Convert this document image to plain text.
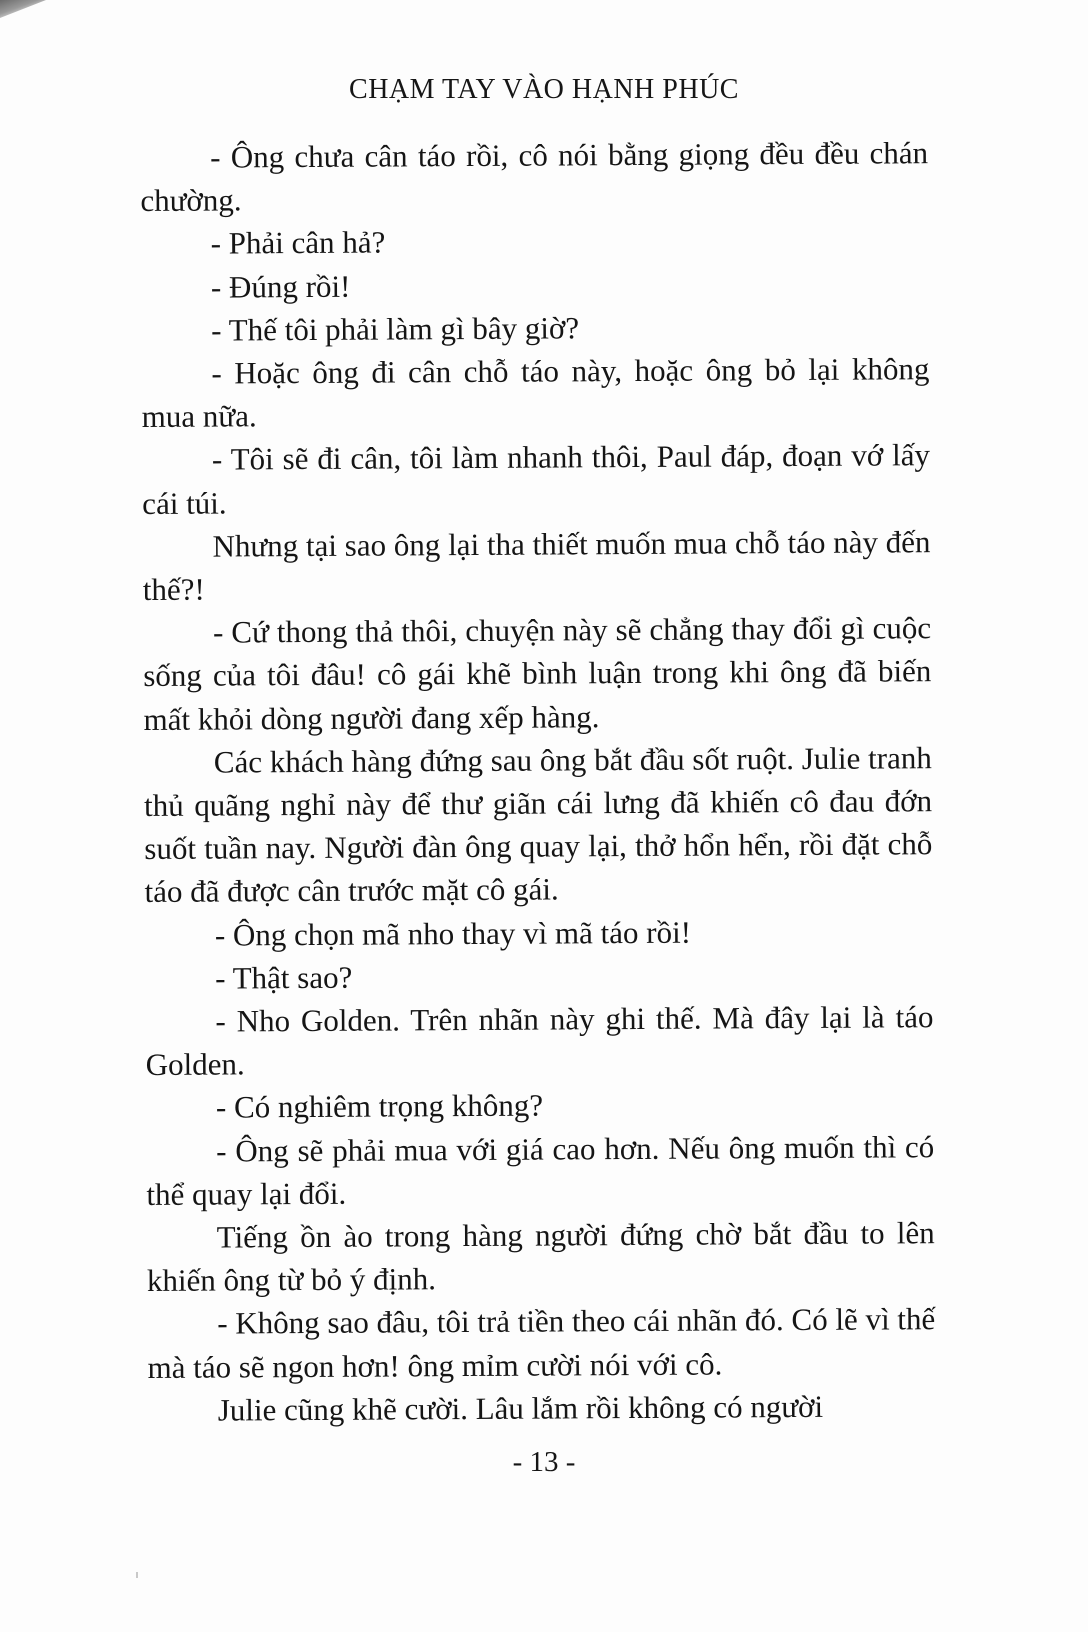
CHẠM TAY VÀO HẠNH PHÚC

- Ông chưa cân táo rồi, cô nói bằng giọng đều đều chán chường.

- Phải cân hả?

- Đúng rồi!

- Thế tôi phải làm gì bây giờ?

- Hoặc ông đi cân chỗ táo này, hoặc ông bỏ lại không mua nữa.

- Tôi sẽ đi cân, tôi làm nhanh thôi, Paul đáp, đoạn vớ lấy cái túi.

Nhưng tại sao ông lại tha thiết muốn mua chỗ táo này đến thế?!

- Cứ thong thả thôi, chuyện này sẽ chẳng thay đổi gì cuộc sống của tôi đâu! cô gái khẽ bình luận trong khi ông đã biến mất khỏi dòng người đang xếp hàng.

Các khách hàng đứng sau ông bắt đầu sốt ruột. Julie tranh thủ quãng nghỉ này để thư giãn cái lưng đã khiến cô đau đớn suốt tuần nay. Người đàn ông quay lại, thở hổn hển, rồi đặt chỗ táo đã được cân trước mặt cô gái.

- Ông chọn mã nho thay vì mã táo rồi!

- Thật sao?

- Nho Golden. Trên nhãn này ghi thế. Mà đây lại là táo Golden.

- Có nghiêm trọng không?

- Ông sẽ phải mua với giá cao hơn. Nếu ông muốn thì có thể quay lại đổi.

Tiếng ồn ào trong hàng người đứng chờ bắt đầu to lên khiến ông từ bỏ ý định.

- Không sao đâu, tôi trả tiền theo cái nhãn đó. Có lẽ vì thế mà táo sẽ ngon hơn! ông mỉm cười nói với cô.

Julie cũng khẽ cười. Lâu lắm rồi không có người

- 13 -
